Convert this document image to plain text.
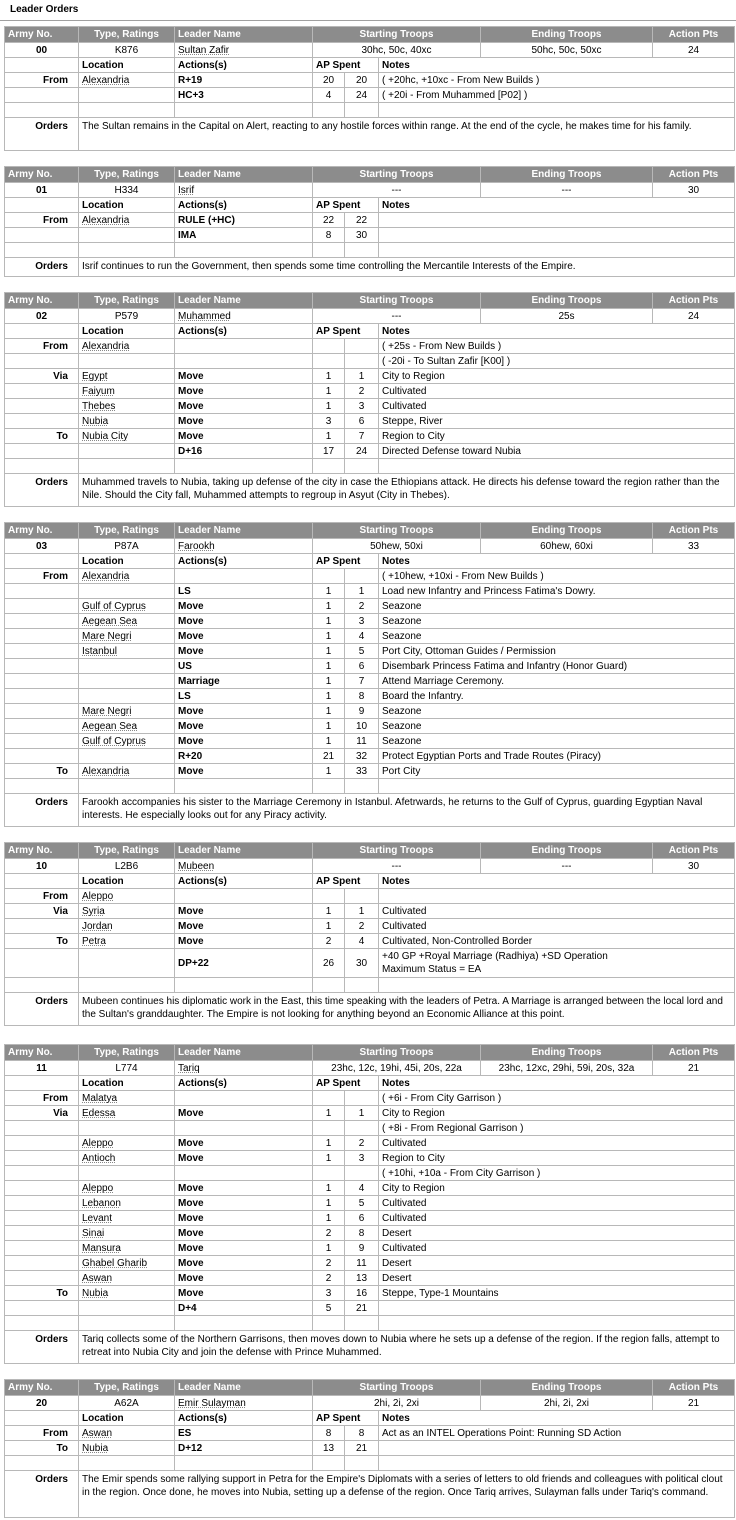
Leader Orders
Army No.	Type, Ratings	Leader Name	Starting Troops			Ending Troops	Action Pts
00	K876	Sultan Zafir	30hc, 50c, 40xc			50hc, 50c, 50xc	24
	Location	Actions(s)	AP Spent		Notes		
From	Alexandria	R+19	20	20	( +20hc, +10xc - From New Builds )		
		HC+3	4	24	( +20i - From Muhammed [P02] )		

Orders	The Sultan remains in the Capital on Alert, reacting to any hostile forces within range. At the end of the cycle, he makes time for his family.						
Army No.	Type, Ratings	Leader Name	Starting Troops			Ending Troops	Action Pts
01	H334	Isrif	---			---	30
	Location	Actions(s)	AP Spent		Notes		
From	Alexandria	RULE (+HC)	22	22			
		IMA	8	30			

Orders	Isrif continues to run the Government, then spends some time controlling the Mercantile Interests of the Empire.						
Army No.	Type, Ratings	Leader Name	Starting Troops			Ending Troops	Action Pts
02	P579	Muhammed	---			25s	24
	Location	Actions(s)	AP Spent		Notes		
From	Alexandria				( +25s - From New Builds )		
					( -20i - To Sultan Zafir [K00] )		
Via	Egypt	Move	1	1	City to Region		
	Faiyum	Move	1	2	Cultivated		
	Thebes	Move	1	3	Cultivated		
	Nubia	Move	3	6	Steppe, River		
To	Nubia City	Move	1	7	Region to City		
		D+16	17	24	Directed Defense toward Nubia		

Orders	Muhammed travels to Nubia, taking up defense of the city in case the Ethiopians attack. He directs his defense toward the region rather than the Nile. Should the City fall, Muhammed attempts to regroup in Asyut (City in Thebes).						
Army No.	Type, Ratings	Leader Name	Starting Troops			Ending Troops	Action Pts
03	P87A	Farookh	50hew, 50xi			60hew, 60xi	33
	Location	Actions(s)	AP Spent		Notes		
From	Alexandria				( +10hew, +10xi - From New Builds )		
		LS	1	1	Load new Infantry and Princess Fatima's Dowry.		
	Gulf of Cyprus	Move	1	2	Seazone		
	Aegean Sea	Move	1	3	Seazone		
	Mare Negri	Move	1	4	Seazone		
	Istanbul	Move	1	5	Port City, Ottoman Guides / Permission		
		US	1	6	Disembark Princess Fatima and Infantry (Honor Guard)		
		Marriage	1	7	Attend Marriage Ceremony.		
		LS	1	8	Board the Infantry.		
	Mare Negri	Move	1	9	Seazone		
	Aegean Sea	Move	1	10	Seazone		
	Gulf of Cyprus	Move	1	11	Seazone		
		R+20	21	32	Protect Egyptian Ports and Trade Routes (Piracy)		
To	Alexandria	Move	1	33	Port City		

Orders	Farookh accompanies his sister to the Marriage Ceremony in Istanbul. Afetrwards, he returns to the Gulf of Cyprus, guarding Egyptian Naval interests. He especially looks out for any Piracy activity.						
Army No.	Type, Ratings	Leader Name	Starting Troops			Ending Troops	Action Pts
10	L2B6	Mubeen	---			---	30
	Location	Actions(s)	AP Spent		Notes		
From	Aleppo						
Via	Syria	Move	1	1	Cultivated		
	Jordan	Move	1	2	Cultivated		
To	Petra	Move	2	4	Cultivated, Non-Controlled Border		
		DP+22	26	30	+40 GP +Royal Marriage (Radhiya) +SD Operation
Maximum Status = EA		

Orders	Mubeen continues his diplomatic work in the East, this time speaking with the leaders of Petra. A Marriage is arranged between the local lord and the Sultan's granddaughter. The Empire is not looking for anything beyond an Economic Alliance at this point.						
Army No.	Type, Ratings	Leader Name	Starting Troops			Ending Troops	Action Pts
11	L774	Tariq	23hc, 12c, 19hi, 45i, 20s, 22a			23hc, 12xc, 29hi, 59i, 20s, 32a	21
	Location	Actions(s)	AP Spent		Notes		
From	Malatya				( +6i - From City Garrison )		
Via	Edessa	Move	1	1	City to Region		
					( +8i - From Regional Garrison )		
	Aleppo	Move	1	2	Cultivated		
	Antioch	Move	1	3	Region to City		
					( +10hi, +10a - From City Garrison )		
	Aleppo	Move	1	4	City to Region		
	Lebanon	Move	1	5	Cultivated		
	Levant	Move	1	6	Cultivated		
	Sinai	Move	2	8	Desert		
	Mansura	Move	1	9	Cultivated		
	Ghabel Gharib	Move	2	11	Desert		
	Aswan	Move	2	13	Desert		
To	Nubia	Move	3	16	Steppe, Type-1 Mountains		
		D+4	5	21			

Orders	Tariq collects some of the Northern Garrisons, then moves down to Nubia where he sets up a defense of the region. If the region falls, attempt to retreat into Nubia City and join the defense with Prince Muhammed.						
Army No.	Type, Ratings	Leader Name	Starting Troops			Ending Troops	Action Pts
20	A62A	Emir Sulayman	2hi, 2i, 2xi			2hi, 2i, 2xi	21
	Location	Actions(s)	AP Spent		Notes		
From	Aswan	ES	8	8	Act as an INTEL Operations Point: Running SD Action		
To	Nubia	D+12	13	21			

Orders	The Emir spends some rallying support in Petra for the Empire's Diplomats with a series of letters to old friends and colleagues with political clout in the region. Once done, he moves into Nubia, setting up a defense of the region. Once Tariq arrives, Sulayman falls under Tariq's command.						
